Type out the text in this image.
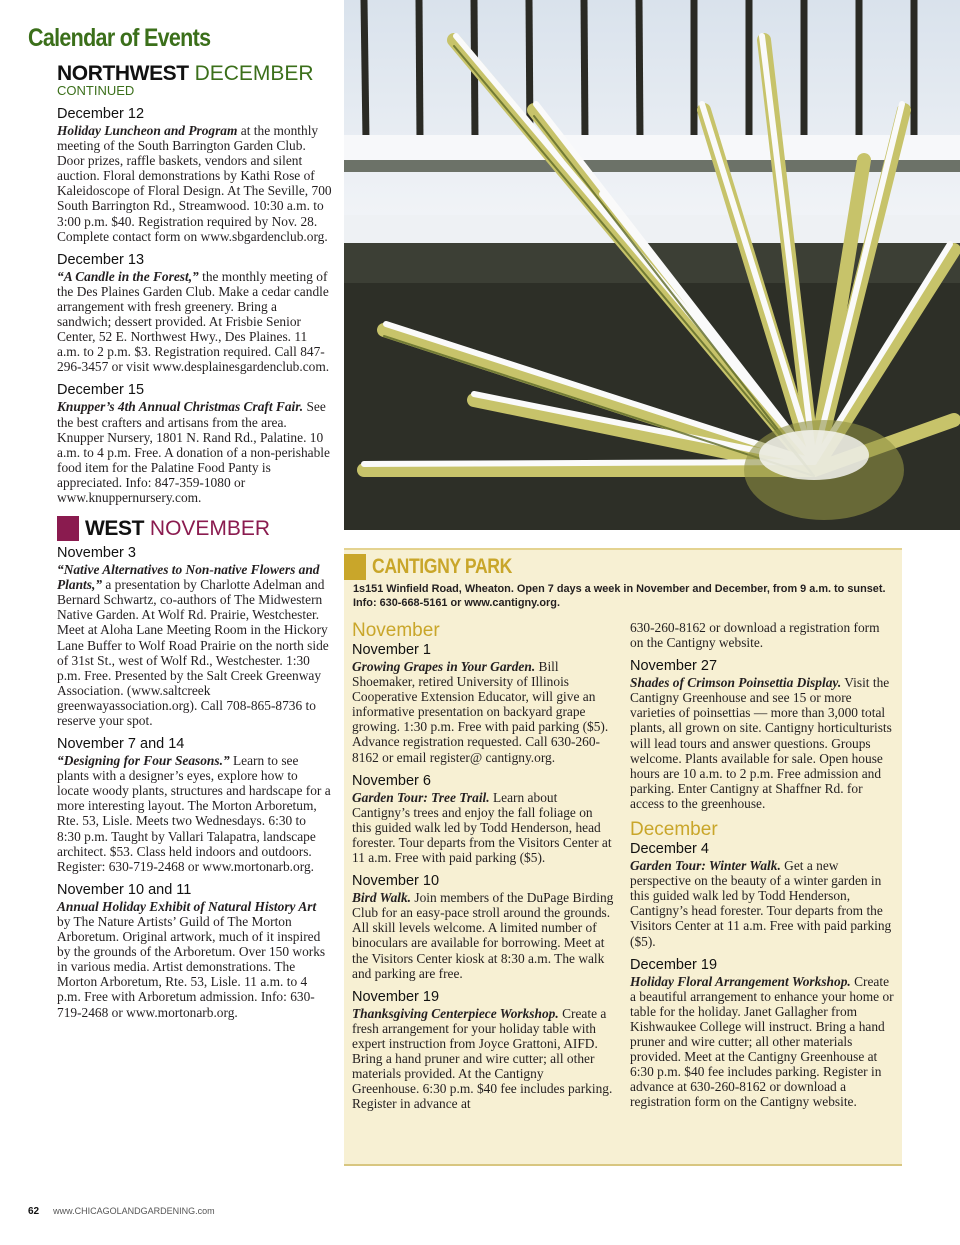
Calendar of Events
NORTHWEST DECEMBER
CONTINUED
December 12

Holiday Luncheon and Program at the monthly meeting of the South Barrington Garden Club. Door prizes, raffle baskets, vendors and silent auction. Floral demonstrations by Kathi Rose of Kaleidoscope of Floral Design. At The Seville, 700 South Barrington Rd., Streamwood. 10:30 a.m. to 3:00 p.m. $40. Registration required by Nov. 28. Complete contact form on www.sbgardenclub.org.

December 13

“A Candle in the Forest,” the monthly meeting of the Des Plaines Garden Club. Make a cedar candle arrangement with fresh greenery. Bring a sandwich; dessert provided. At Frisbie Senior Center, 52 E. Northwest Hwy., Des Plaines. 11 a.m. to 2 p.m. $3. Registration required. Call 847-296-3457 or visit www.desplainesgardenclub.com.

December 15

Knupper’s 4th Annual Christmas Craft Fair. See the best crafters and artisans from the area. Knupper Nursery, 1801 N. Rand Rd., Palatine. 10 a.m. to 4 p.m. Free. A donation of a non-perishable food item for the Palatine Food Panty is appreciated. Info: 847-359-1080 or www.knuppernursery.com.

WEST NOVEMBER
November 3

“Native Alternatives to Non-native Flowers and Plants,” a presentation by Charlotte Adelman and Bernard Schwartz, co-authors of The Midwestern Native Garden. At Wolf Rd. Prairie, Westchester. Meet at Aloha Lane Meeting Room in the Hickory Lane Buffer to Wolf Road Prairie on the north side of 31st St., west of Wolf Rd., Westchester. 1:30 p.m. Free. Presented by the Salt Creek Greenway Association. (www.saltcreek greenwayassociation.org). Call 708-865-8736 to reserve your spot.

November 7 and 14

“Designing for Four Seasons.” Learn to see plants with a designer’s eyes, explore how to locate woody plants, structures and hardscape for a more interesting layout. The Morton Arboretum, Rte. 53, Lisle. Meets two Wednesdays. 6:30 to 8:30 p.m. Taught by Vallari Talapatra, landscape architect. $53. Class held indoors and outdoors. Register: 630-719-2468 or www.mortonarb.org.

November 10 and 11

Annual Holiday Exhibit of Natural History Art by The Nature Artists’ Guild of The Morton Arboretum. Original artwork, much of it inspired by the grounds of the Arboretum. Over 150 works in various media. Artist demonstrations. The Morton Arboretum, Rte. 53, Lisle. 11 a.m. to 4 p.m. Free with Arboretum admission. Info: 630-719-2468 or www.mortonarb.org.

CANTIGNY PARK
1s151 Winfield Road, Wheaton. Open 7 days a week in November and December, from 9 a.m. to sunset. Info: 630-668-5161 or www.cantigny.org.
November
November 1

Growing Grapes in Your Garden. Bill Shoemaker, retired University of Illinois Cooperative Extension Educator, will give an informative presentation on backyard grape growing. 1:30 p.m. Free with paid parking ($5). Advance registration requested. Call 630-260-8162 or email register@ cantigny.org.

November 6

Garden Tour: Tree Trail. Learn about Cantigny’s trees and enjoy the fall foliage on this guided walk led by Todd Henderson, head forester. Tour departs from the Visitors Center at 11 a.m. Free with paid parking ($5).

November 10

Bird Walk. Join members of the DuPage Birding Club for an easy-pace stroll around the grounds. All skill levels welcome. A limited number of binoculars are available for borrowing. Meet at the Visitors Center kiosk at 8:30 a.m. The walk and parking are free.

November 19

Thanksgiving Centerpiece Workshop. Create a fresh arrangement for your holiday table with expert instruction from Joyce Grattoni, AIFD. Bring a hand pruner and wire cutter; all other materials provided. At the Cantigny Greenhouse. 6:30 p.m. $40 fee includes parking. Register in advance at

630-260-8162 or download a registration form on the Cantigny website.

November 27

Shades of Crimson Poinsettia Display. Visit the Cantigny Greenhouse and see 15 or more varieties of poinsettias — more than 3,000 total plants, all grown on site. Cantigny horticulturists will lead tours and answer questions. Groups welcome. Plants available for sale. Open house hours are 10 a.m. to 2 p.m. Free admission and parking. Enter Cantigny at Shaffner Rd. for access to the greenhouse.

December
December 4

Garden Tour: Winter Walk. Get a new perspective on the beauty of a winter garden in this guided walk led by Todd Henderson, Cantigny’s head forester. Tour departs from the Visitors Center at 11 a.m. Free with paid parking ($5).

December 19

Holiday Floral Arrangement Workshop. Create a beautiful arrangement to enhance your home or table for the holiday. Janet Gallagher from Kishwaukee College will instruct. Bring a hand pruner and wire cutter; all other materials provided. Meet at the Cantigny Greenhouse at 6:30 p.m. $40 fee includes parking. Register in advance at 630-260-8162 or download a registration form on the Cantigny website.

62 www.CHICAGOLANDGARDENING.com
